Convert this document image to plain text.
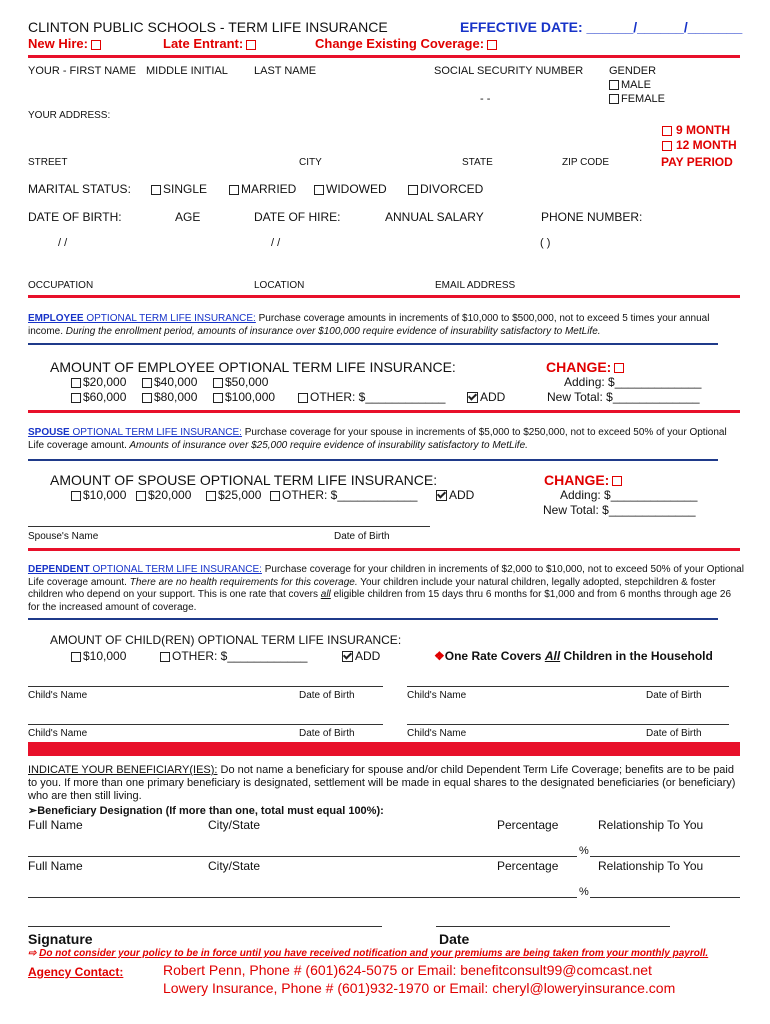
CLINTON PUBLIC SCHOOLS - TERM LIFE INSURANCE	EFFECTIVE DATE: ______/______/_______
New Hire:	Late Entrant:	Change Existing Coverage:
YOUR - FIRST NAME MIDDLE INITIAL LAST NAME	SOCIAL SECURITY NUMBER GENDER
MALE
FEMALE
- -
YOUR ADDRESS:
9 MONTH
12 MONTH
PAY PERIOD
STREET	CITY	STATE	ZIP CODE
MARITAL STATUS:	SINGLE	MARRIED	WIDOWED	DIVORCED
DATE OF BIRTH:	AGE	DATE OF HIRE:	ANNUAL SALARY	PHONE NUMBER:
/ /	/ /	( )
OCCUPATION	LOCATION	EMAIL ADDRESS
EMPLOYEE OPTIONAL TERM LIFE INSURANCE: Purchase coverage amounts in increments of $10,000 to $500,000, not to exceed 5 times your annual income. During the enrollment period, amounts of insurance over $100,000 require evidence of insurability satisfactory to MetLife.
AMOUNT OF EMPLOYEE OPTIONAL TERM LIFE INSURANCE:	CHANGE:
$20,000	$40,000	$50,000	Adding: $_____________
$60,000	$80,000	$100,000	OTHER: $____________	ADD	New Total: $_____________
SPOUSE OPTIONAL TERM LIFE INSURANCE: Purchase coverage for your spouse in increments of $5,000 to $250,000, not to exceed 50% of your Optional Life coverage amount. Amounts of insurance over $25,000 require evidence of insurability satisfactory to MetLife.
AMOUNT OF SPOUSE OPTIONAL TERM LIFE INSURANCE:	CHANGE:
$10,000	$20,000	$25,000	OTHER: $____________	ADD	Adding: $_____________
New Total: $_____________
Spouse's Name	Date of Birth
DEPENDENT OPTIONAL TERM LIFE INSURANCE: Purchase coverage for your children in increments of $2,000 to $10,000, not to exceed 50% of your Optional Life coverage amount. There are no health requirements for this coverage. Your children include your natural children, legally adopted, stepchildren & foster children who depend on your support. This is one rate that covers all eligible children from 15 days thru 6 months for $1,000 and from 6 months through age 26 for the increased amount of coverage.
AMOUNT OF CHILD(REN) OPTIONAL TERM LIFE INSURANCE:
$10,000	OTHER: $____________	ADD	❖One Rate Covers All Children in the Household
Child's Name	Date of Birth	Child's Name	Date of Birth
Child's Name	Date of Birth	Child's Name	Date of Birth
INDICATE YOUR BENEFICIARY(IES): Do not name a beneficiary for spouse and/or child Dependent Term Life Coverage; benefits are to be paid to you. If more than one primary beneficiary is designated, settlement will be made in equal shares to the designated beneficiaries (or beneficiary) who are then still living.
➢Beneficiary Designation (If more than one, total must equal 100%):
Full Name	City/State	Percentage	Relationship To You
%
Full Name	City/State	Percentage	Relationship To You
%
Signature	Date
⇨ Do not consider your policy to be in force until you have received notification and your premiums are being taken from your monthly payroll.
Agency Contact:	Robert Penn, Phone # (601)624-5075 or Email: benefitconsult99@comcast.net
Lowery Insurance, Phone # (601)932-1970 or Email: cheryl@loweryinsurance.com
